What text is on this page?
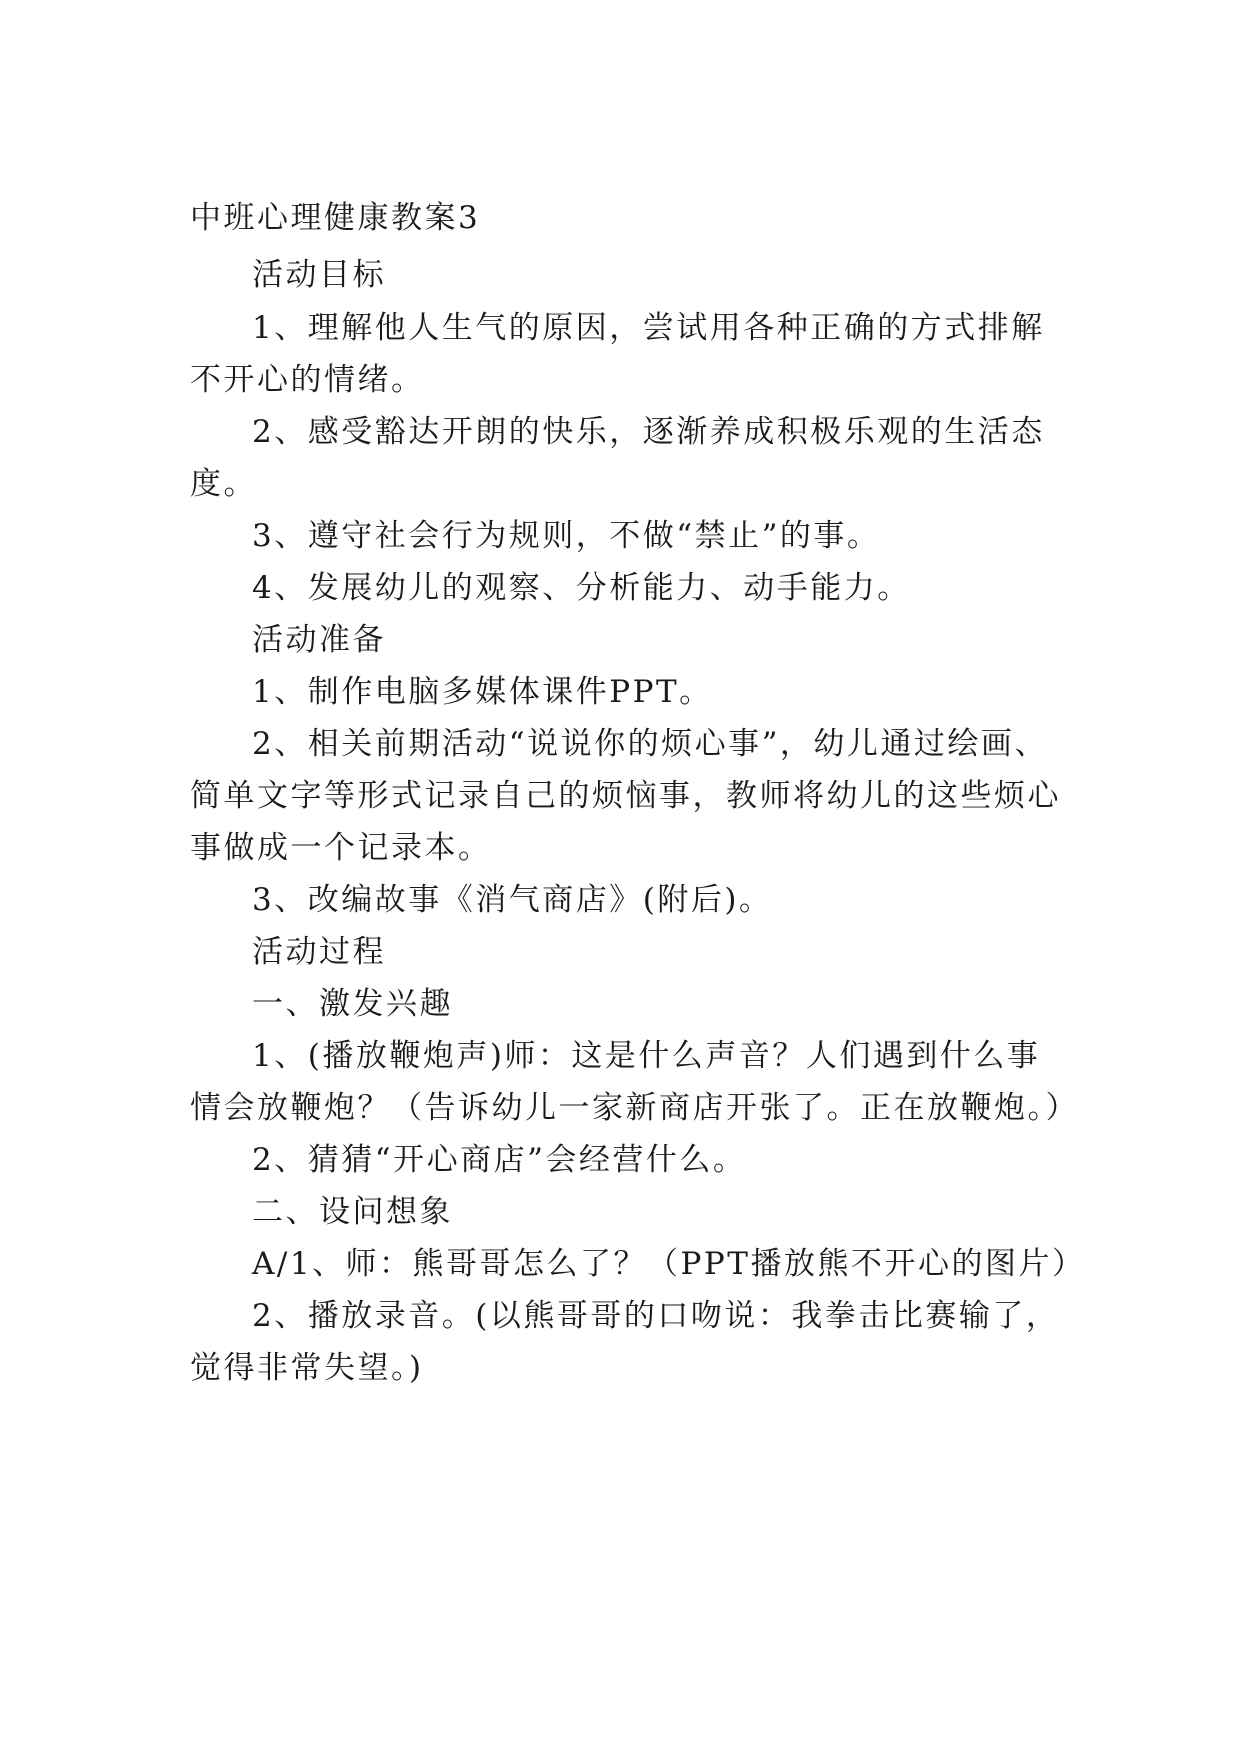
中班心理健康教案3

活动目标

1、理解他人生气的原因，尝试用各种正确的方式排解

不开心的情绪。

2、感受豁达开朗的快乐，逐渐养成积极乐观的生活态

度。

3、遵守社会行为规则，不做“禁止”的事。

4、发展幼儿的观察、分析能力、动手能力。

活动准备

1、制作电脑多媒体课件PPT。

2、相关前期活动“说说你的烦心事”，幼儿通过绘画、

简单文字等形式记录自己的烦恼事，教师将幼儿的这些烦心

事做成一个记录本。

3、改编故事《消气商店》(附后)。

活动过程

一、激发兴趣

1、(播放鞭炮声)师：这是什么声音？人们遇到什么事

情会放鞭炮？（告诉幼儿一家新商店开张了。正在放鞭炮。）

2、猜猜“开心商店”会经营什么。

二、设问想象

A/1、师：熊哥哥怎么了？（PPT播放熊不开心的图片）

2、播放录音。(以熊哥哥的口吻说：我拳击比赛输了，

觉得非常失望。)
